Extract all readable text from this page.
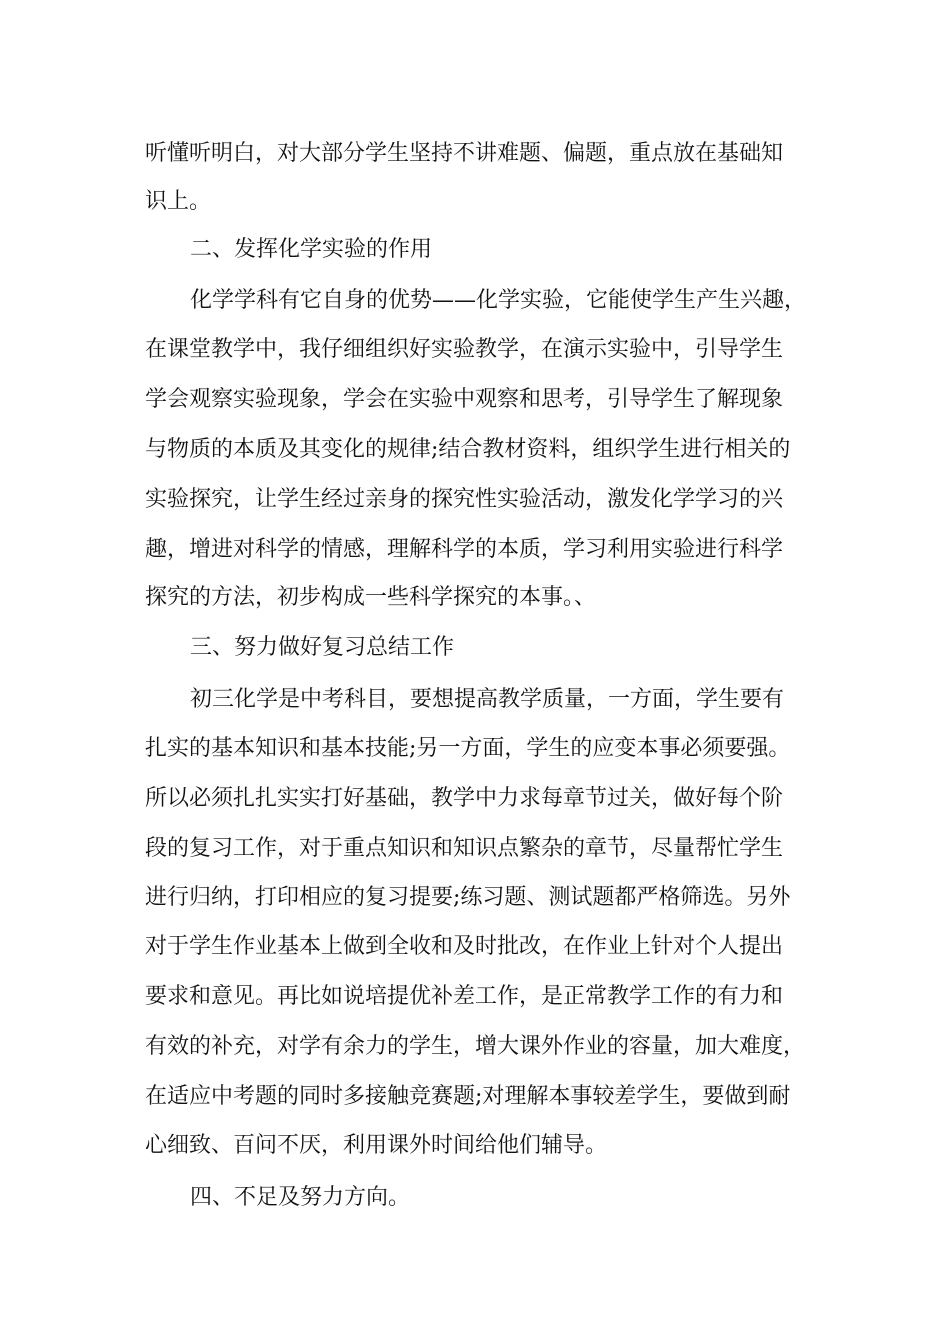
听懂听明白，对大部分学生坚持不讲难题、偏题，重点放在基础知
识上。
二、发挥化学实验的作用
化学学科有它自身的优势——化学实验，它能使学生产生兴趣，
在课堂教学中，我仔细组织好实验教学，在演示实验中，引导学生
学会观察实验现象，学会在实验中观察和思考，引导学生了解现象
与物质的本质及其变化的规律;结合教材资料，组织学生进行相关的
实验探究，让学生经过亲身的探究性实验活动，激发化学学习的兴
趣，增进对科学的情感，理解科学的本质，学习利用实验进行科学
探究的方法，初步构成一些科学探究的本事。、
三、努力做好复习总结工作
初三化学是中考科目，要想提高教学质量，一方面，学生要有
扎实的基本知识和基本技能;另一方面，学生的应变本事必须要强。
所以必须扎扎实实打好基础，教学中力求每章节过关，做好每个阶
段的复习工作，对于重点知识和知识点繁杂的章节，尽量帮忙学生
进行归纳，打印相应的复习提要;练习题、测试题都严格筛选。另外
对于学生作业基本上做到全收和及时批改，在作业上针对个人提出
要求和意见。再比如说培提优补差工作，是正常教学工作的有力和
有效的补充，对学有余力的学生，增大课外作业的容量，加大难度，
在适应中考题的同时多接触竞赛题;对理解本事较差学生，要做到耐
心细致、百问不厌，利用课外时间给他们辅导。
四、不足及努力方向。
